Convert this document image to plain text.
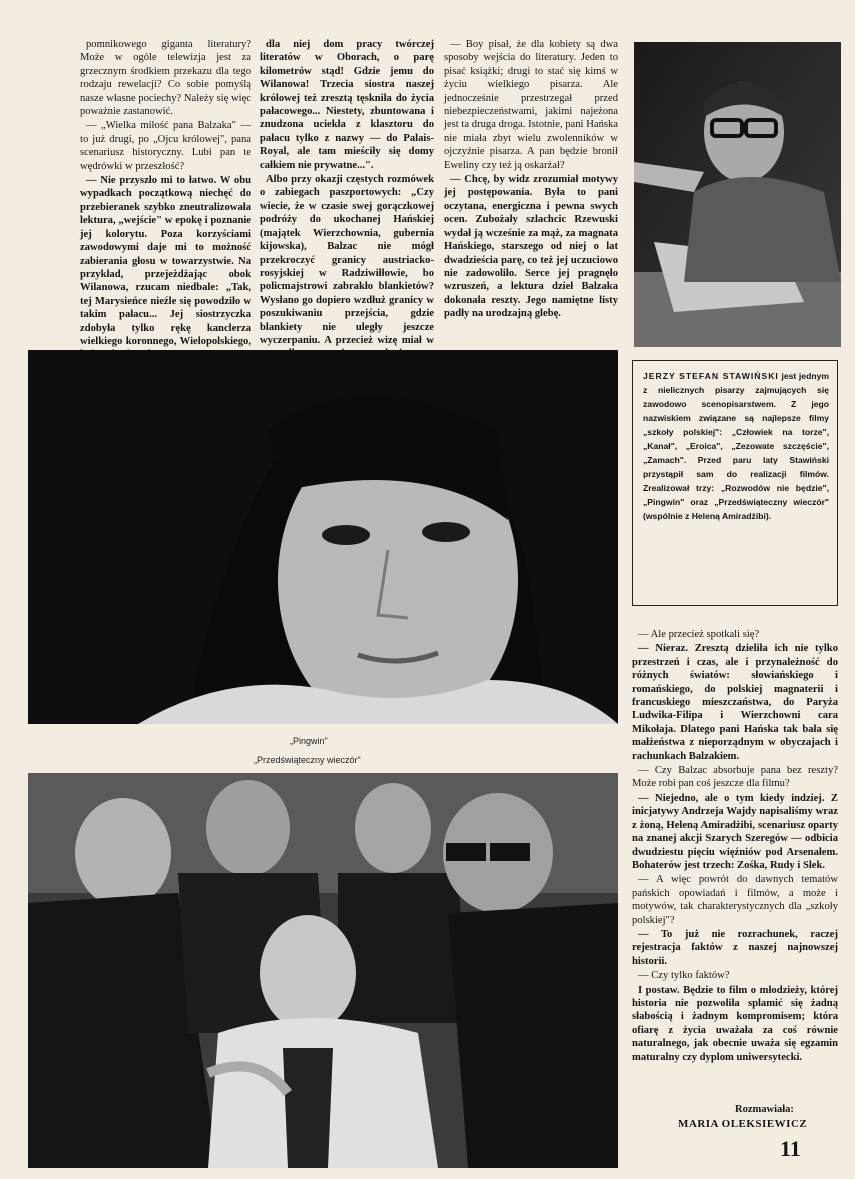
pomnikowego giganta literatury? Może w ogóle telewizja jest za grzecznym środkiem przekazu dla tego rodzaju rewelacji? Co sobie pomyślą nasze własne pociechy? Należy się więc poważnie zastanowić.

— „Wielka miłość pana Balzaka" — to już drugi, po „Ojcu królowej", pana scenariusz historyczny. Lubi pan te wędrówki w przeszłość?

— Nie przyszło mi to łatwo. W obu wypadkach początkową niechęć do przebieranek szybko zneutralizowała lektura, „wejście" w epokę i poznanie jej kolorytu. Poza korzyściami zawodowymi daje mi to możność zabierania głosu w towarzystwie. Na przykład, przejeżdżając obok Wilanowa, rzucam niedbale: „Tak, tej Marysieńce nieźle się powodziło w takim pałacu... Jej siostrzyczka zdobyła tylko rękę kanclerza wielkiego koronnego, Wielopolskiego,

dla niej dom pracy twórczej literatów w Oborach, o parę kilometrów stąd! Gdzie jemu do Wilanowa! Trzecia siostra naszej królowej też zresztą tęskniła do życia pałacowego... Niestety, zbuntowana i znudzona uciekła z klasztoru do pałacu tylko z nazwy — do Palais-Royal, ale tam mieściły się domy całkiem nie prywatne...".

Albo przy okazji częstych rozmówek o zabiegach paszportowych: „Czy wiecie, że w czasie swej gorączkowej podróży do ukochanej Hańskiej (majątek Wierzchownia, gubernia kijowska), Balzac nie mógł przekroczyć granicy austriacko-rosyjskiej w Radziwiłłowie, bo policmajstrowi zabrakło blankietów? Wysłano go dopiero wzdłuż granicy w poszukiwaniu przejścia, gdzie blankiety nie uległy jeszcze wyczerpaniu. A przecież wizę miał w

— Boy pisał, że dla kobiety są dwa sposoby wejścia do literatury. Jeden to pisać książki; drugi to stać się kimś w życiu wielkiego pisarza. Ale jednocześnie przestrzegał przed niebezpieczeństwami, jakimi najeżona jest ta druga droga. Istotnie, pani Hańska nie miała zbyt wielu zwolenników w ojczyźnie pisarza. A pan będzie bronił Eweliny czy też ją oskarżał?

— Chcę, by widz zrozumiał motywy jej postępowania. Była to pani oczytana, energiczna i pewna swych ocen. Zubożały szlachcic Rzewuski wydał ją wcześnie za mąż, za magnata Hańskiego, starszego od niej o lat dwadzieścia parę, co też jej uczuciowo nie zadowoliło. Serce jej pragnęło wzruszeń, a lektura dzieł Balzaka dokonała reszty. Jego namiętne listy padły na urodzajną glebę.

„Pingwin"
„Przedświąteczny wieczór"
JERZY STEFAN STAWIŃSKI jest jednym z nielicznych pisarzy zajmujących się zawodowo scenopisarstwem. Z jego nazwiskiem związane są najlepsze filmy „szkoły polskiej": „Człowiek na torze", „Kanał", „Eroica", „Zezowate szczęście", „Zamach". Przed paru laty Stawiński przystąpił sam do realizacji filmów. Zrealizował trzy: „Rozwodów nie będzie", „Pingwin" oraz „Przedświąteczny wieczór" (wspólnie z Heleną Amiradżibi).

— Ale przecież spotkali się?

— Nieraz. Zresztą dzieliła ich nie tylko przestrzeń i czas, ale i przynależność do różnych światów: słowiańskiego i romańskiego, do polskiej magnaterii i francuskiego mieszczaństwa, do Paryża Ludwika-Filipa i Wierzchowni cara Mikołaja. Dlatego pani Hańska tak bała się małżeństwa z nieporządnym w obyczajach i rachunkach Balzakiem.

— Czy Balzac absorbuje pana bez reszty? Może robi pan coś jeszcze dla filmu?

— Niejedno, ale o tym kiedy indziej. Z inicjatywy Andrzeja Wajdy napisaliśmy wraz z żoną, Heleną Amiradżibi, scenariusz oparty na znanej akcji Szarych Szeregów — odbicia dwudziestu pięciu więźniów pod Arsenałem. Bohaterów jest trzech: Zośka, Rudy i Slek.

— A więc powrót do dawnych tematów pańskich opowiadań i filmów, a może i motywów, tak charakterystycznych dla „szkoły polskiej"?

— To już nie rozrachunek, raczej rejestracja faktów z naszej najnowszej historii.

— Czy tylko faktów?

I postaw. Będzie to film o młodzieży, której historia nie pozwoliła splamić się żadną słabością i żadnym kompromisem; która ofiarę z życia uważała za coś równie naturalnego, jak obecnie uważa się egzamin maturalny czy dyplom uniwersytecki.

Rozmawiała:
MARIA OLEKSIEWICZ
11
